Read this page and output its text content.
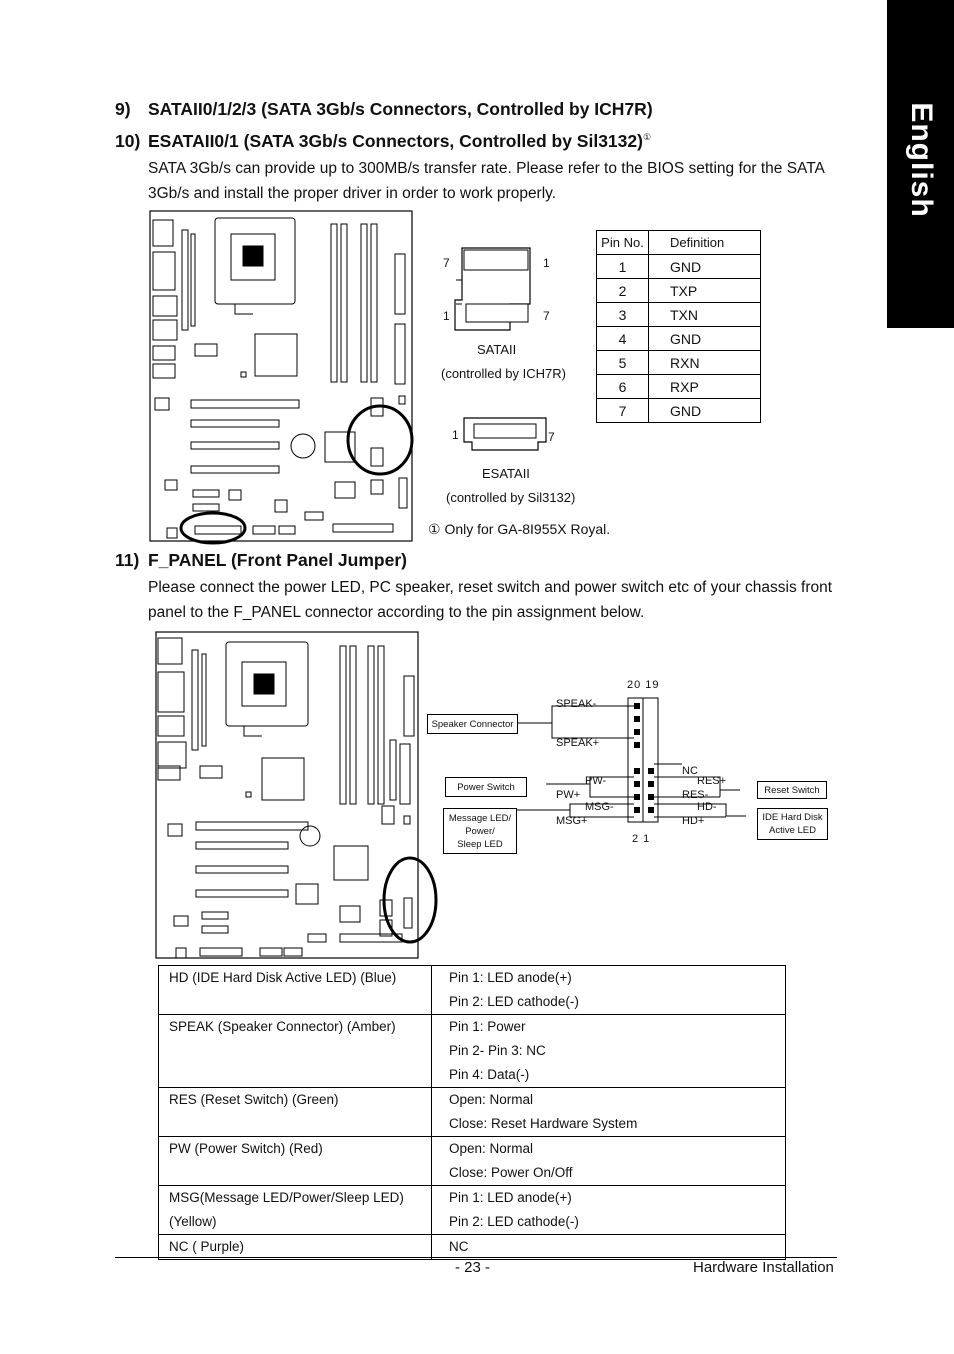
English
9) SATAII0/1/2/3 (SATA 3Gb/s Connectors, Controlled by ICH7R)
10) ESATAII0/1 (SATA 3Gb/s Connectors, Controlled by Sil3132)①
SATA 3Gb/s can provide up to 300MB/s transfer rate. Please refer to the BIOS setting for the SATA 3Gb/s and install the proper driver in order to work properly.
7	1
1	7
SATAII
(controlled by ICH7R)
1	7
ESATAII
(controlled by Sil3132)
① Only for GA-8I955X Royal.
Pin No.	Definition
1	GND
2	TXP
3	TXN
4	GND
5	RXN
6	RXP
7	GND
11) F_PANEL (Front Panel Jumper)
Please connect the power LED, PC speaker, reset switch and power switch etc of your chassis front panel to the F_PANEL connector according to the pin assignment below.
20 19
2 1
SPEAK-
SPEAK+
PW-
PW+
MSG-
MSG+
NC
RES+
RES-
HD-
HD+
Speaker Connector
Power Switch
Message LED/
Power/
Sleep LED
Reset Switch
IDE Hard Disk
Active LED
HD (IDE Hard Disk Active LED) (Blue)	Pin 1: LED anode(+)
Pin 2: LED cathode(-)

SPEAK (Speaker Connector) (Amber)	Pin 1: Power
Pin 2- Pin 3: NC
Pin 4: Data(-)

RES (Reset Switch) (Green)	Open: Normal
Close: Reset Hardware System

PW (Power Switch) (Red)	Open: Normal
Close: Power On/Off

MSG(Message LED/Power/Sleep LED)
(Yellow)	Pin 1: LED anode(+)
Pin 2: LED cathode(-)

NC ( Purple)	NC
- 23 -	Hardware Installation
